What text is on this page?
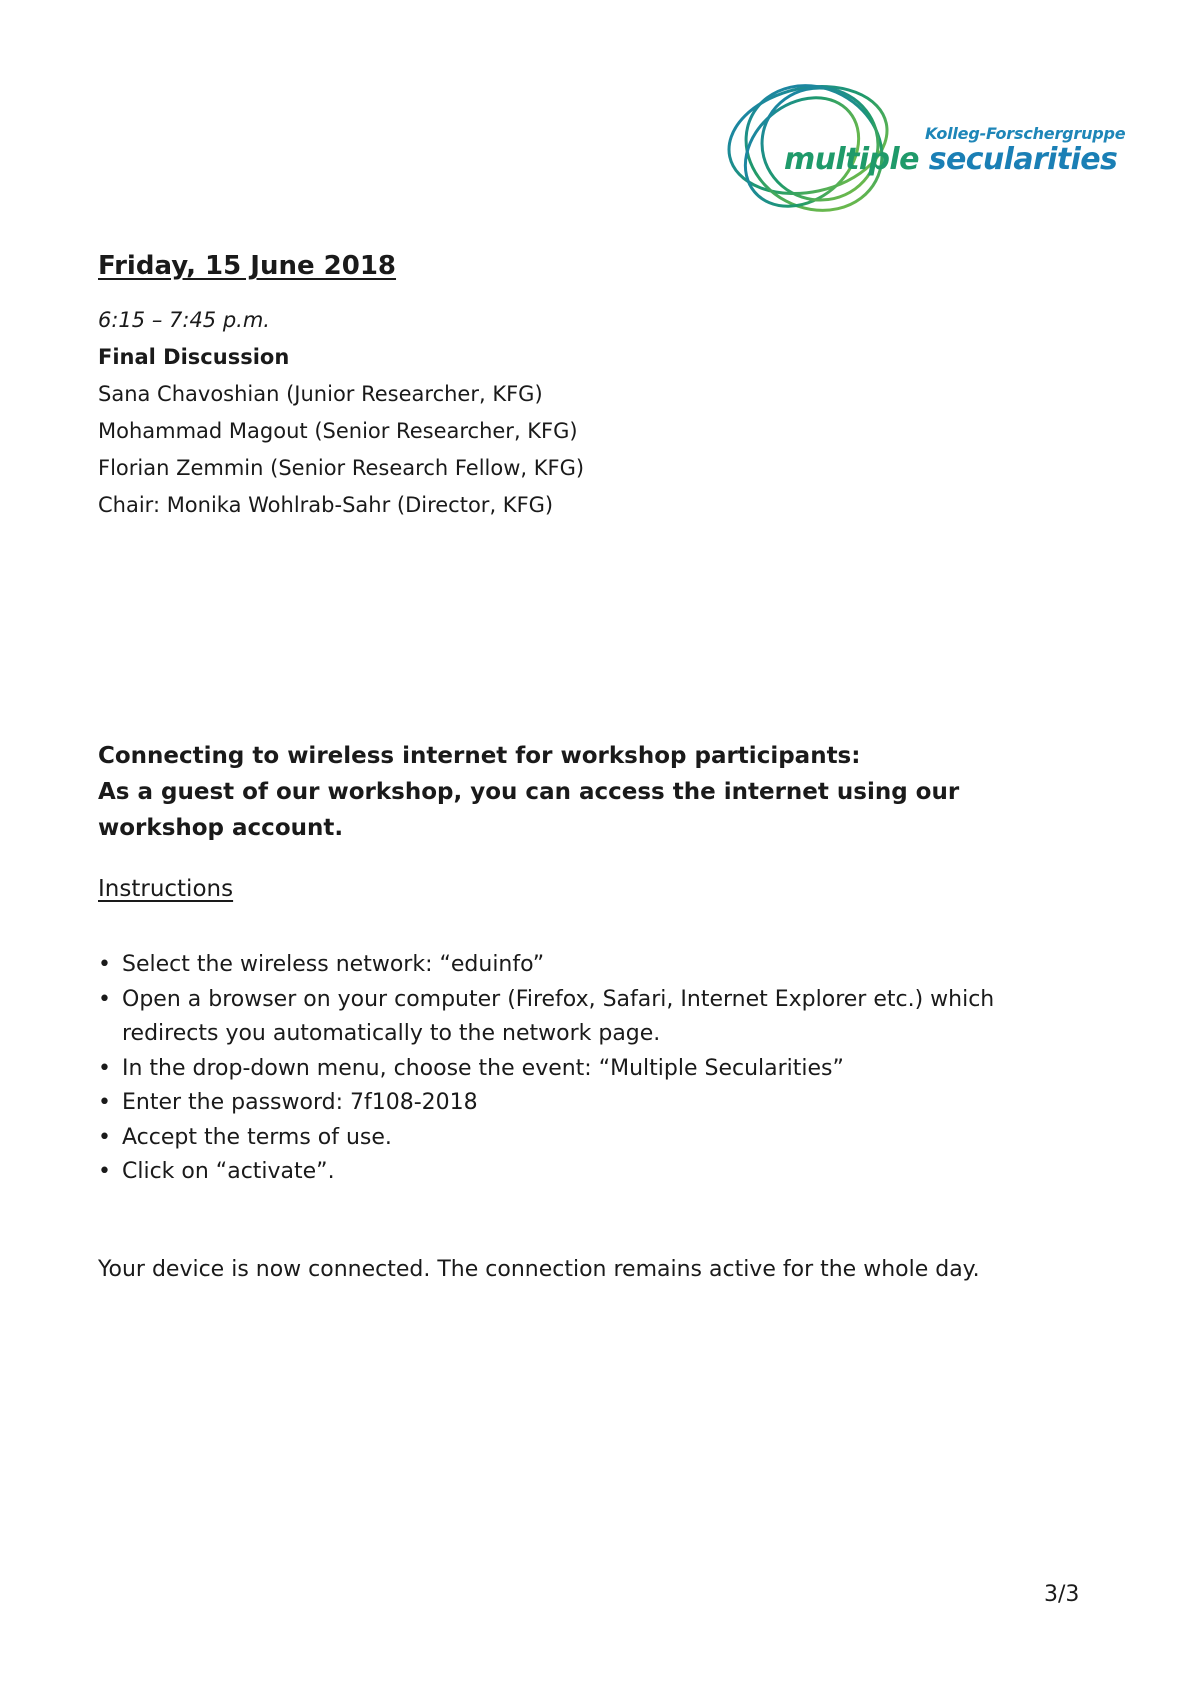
Kolleg-Forschergruppe
multiple secularities
Friday, 15 June 2018
6:15 – 7:45 p.m.
Final Discussion
Sana Chavoshian (Junior Researcher, KFG)
Mohammad Magout (Senior Researcher, KFG)
Florian Zemmin (Senior Research Fellow, KFG)
Chair: Monika Wohlrab-Sahr (Director, KFG)
Connecting to wireless internet for workshop participants:
As a guest of our workshop, you can access the internet using our workshop account.
Instructions
• Select the wireless network: “eduinfo”
• Open a browser on your computer (Firefox, Safari, Internet Explorer etc.) which redirects you automatically to the network page.
• In the drop-down menu, choose the event: “Multiple Secularities”
• Enter the password: 7f108-2018
• Accept the terms of use.
• Click on “activate”.
Your device is now connected. The connection remains active for the whole day.
3/3
